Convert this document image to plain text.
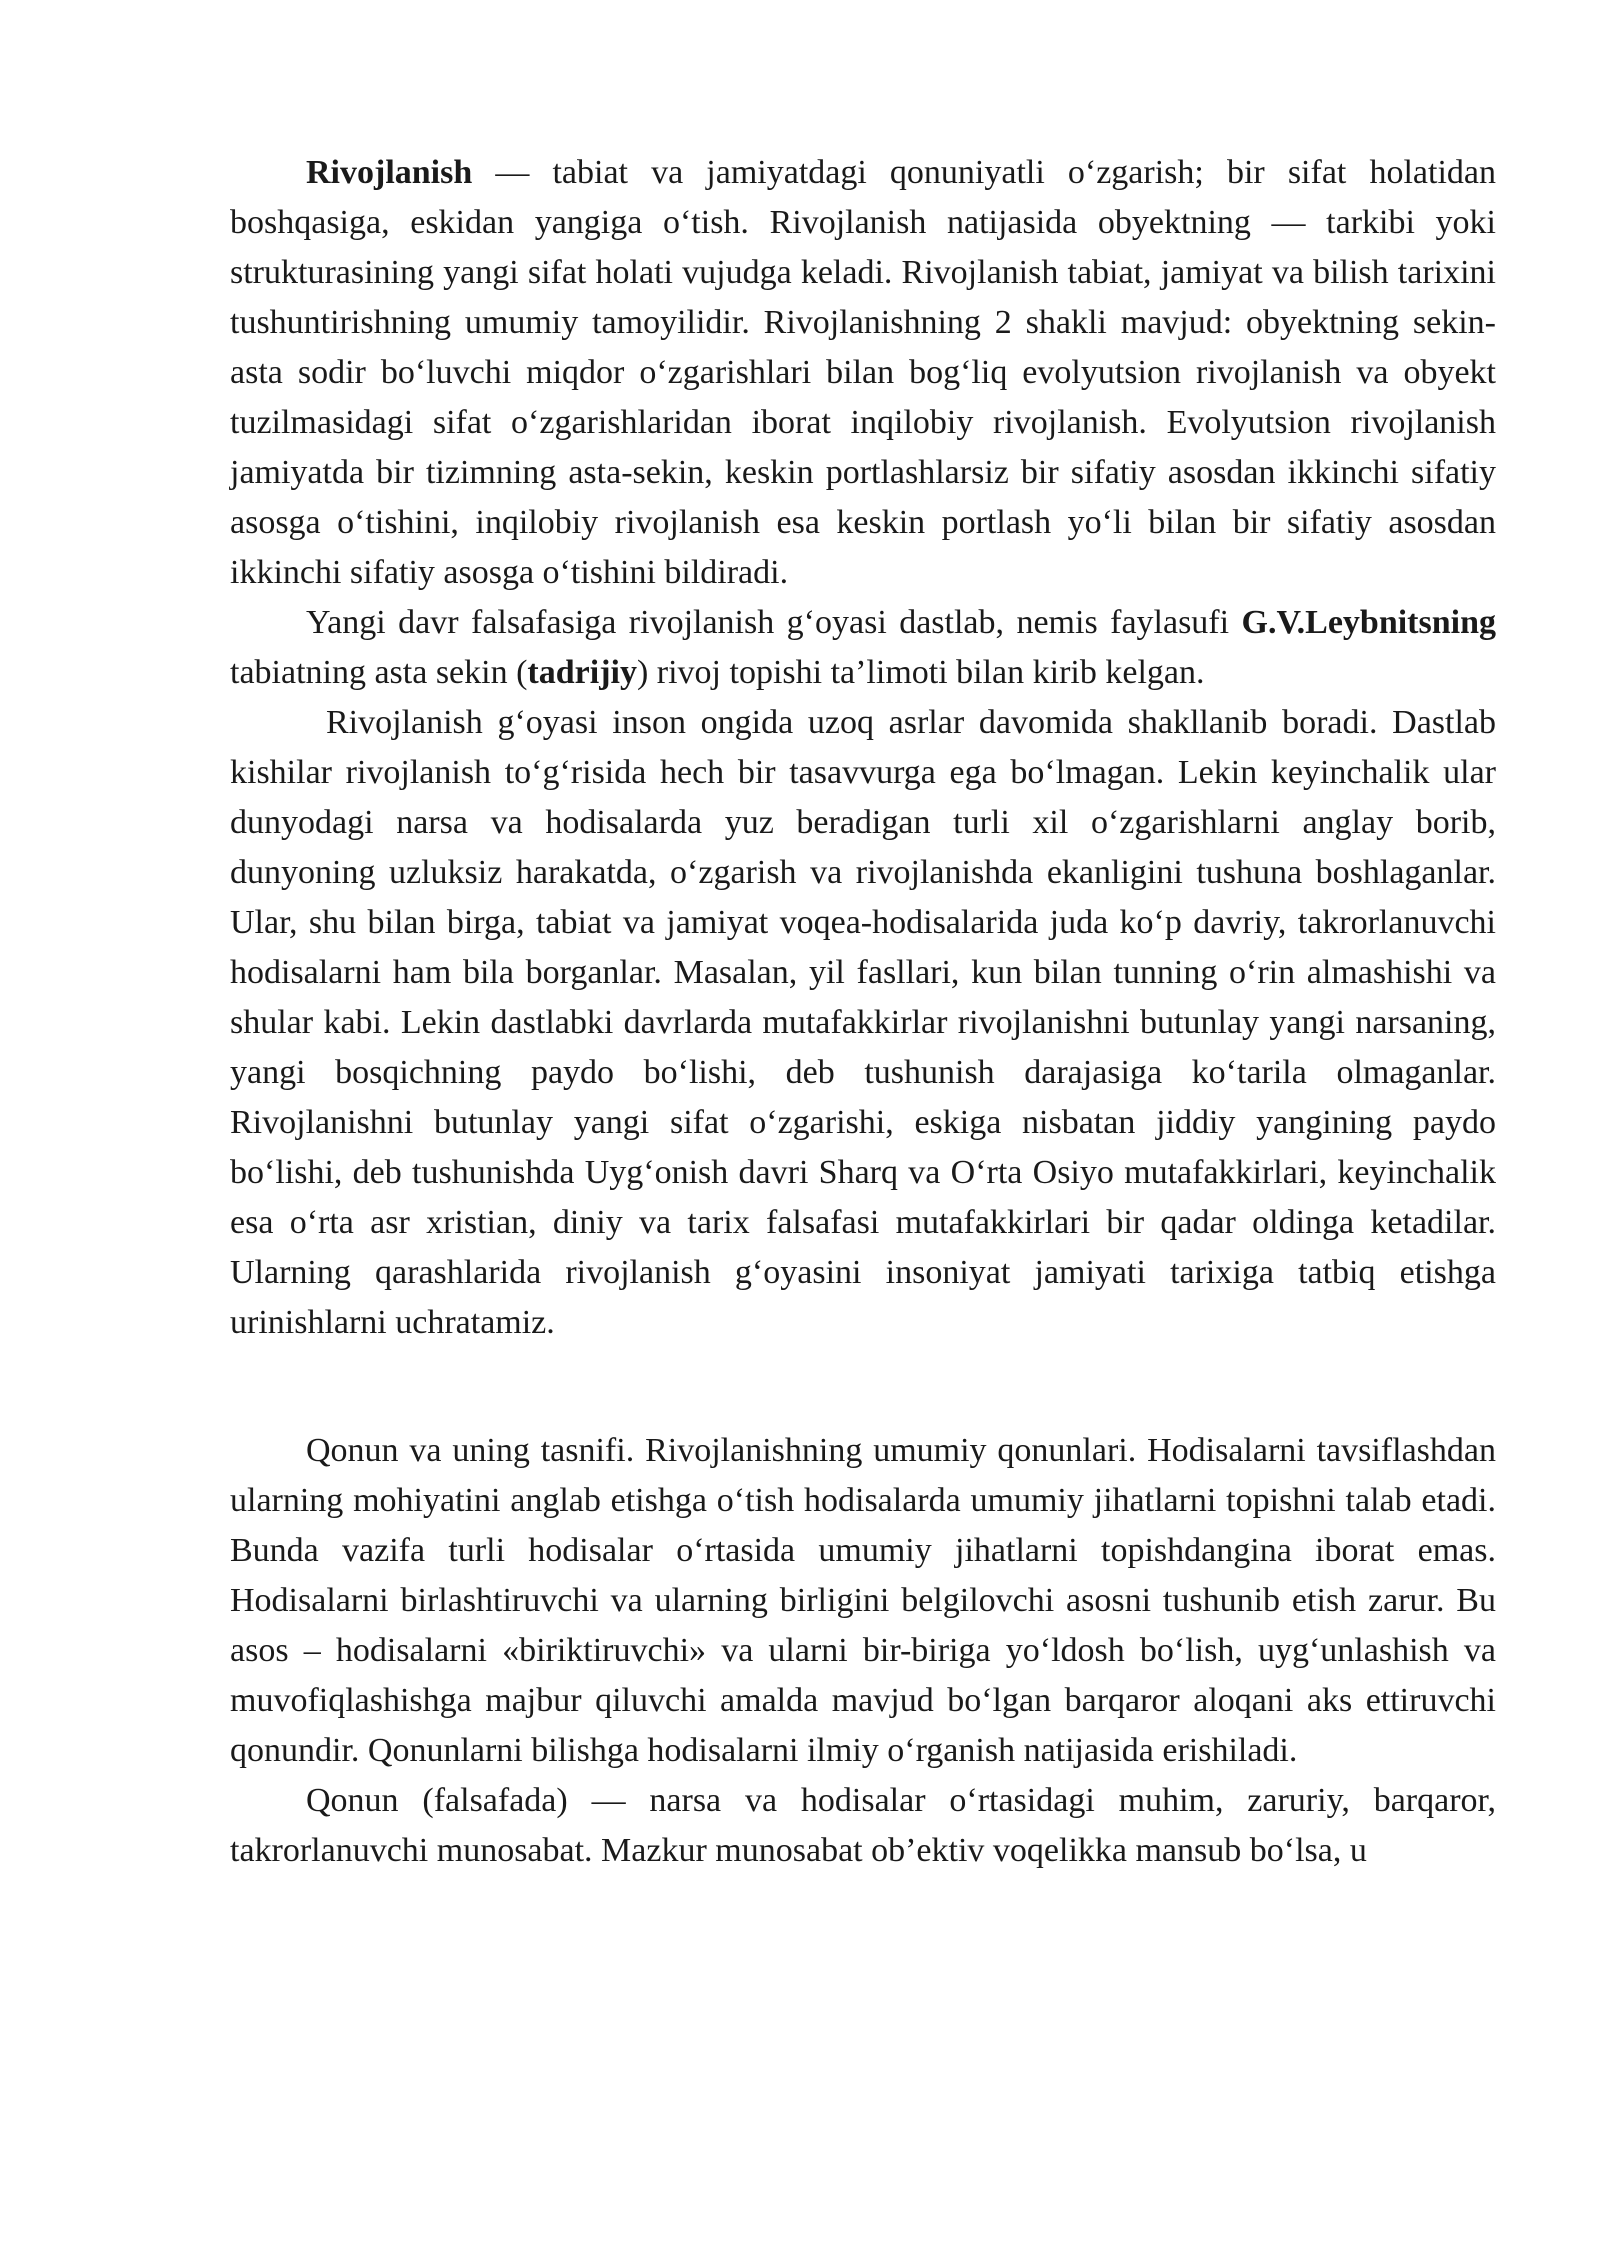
Rivojlanish — tabiat va jamiyatdagi qonuniyatli oʻzgarish; bir sifat holatidan boshqasiga, eskidan yangiga oʻtish. Rivojlanish natijasida obyektning — tarkibi yoki strukturasining yangi sifat holati vujudga keladi. Rivojlanish tabiat, jamiyat va bilish tarixini tushuntirishning umumiy tamoyilidir. Rivojlanishning 2 shakli mavjud: obyektning sekin-asta sodir boʻluvchi miqdor oʻzgarishlari bilan bogʻliq evolyutsion rivojlanish va obyekt tuzilmasidagi sifat oʻzgarishlaridan iborat inqilobiy rivojlanish. Evolyutsion rivojlanish jamiyatda bir tizimning asta-sekin, keskin portlashlarsiz bir sifatiy asosdan ikkinchi sifatiy asosga oʻtishini, inqilobiy rivojlanish esa keskin portlash yoʻli bilan bir sifatiy asosdan ikkinchi sifatiy asosga oʻtishini bildiradi.

Yangi davr falsafasiga rivojlanish gʻoyasi dastlab, nemis faylasufi G.V.Leybnitsning tabiatning asta sekin (tadrijiy) rivoj topishi ta’limoti bilan kirib kelgan.

Rivojlanish gʻoyasi inson ongida uzoq asrlar davomida shakllanib boradi. Dastlab kishilar rivojlanish toʻgʻrisida hech bir tasavvurga ega boʻlmagan. Lekin keyinchalik ular dunyodagi narsa va hodisalarda yuz beradigan turli xil oʻzgarishlarni anglay borib, dunyoning uzluksiz harakatda, oʻzgarish va rivojlanishda ekanligini tushuna boshlaganlar. Ular, shu bilan birga, tabiat va jamiyat voqea-hodisalarida juda koʻp davriy, takrorlanuvchi hodisalarni ham bila borganlar. Masalan, yil fasllari, kun bilan tunning oʻrin almashishi va shular kabi. Lekin dastlabki davrlarda mutafakkirlar rivojlanishni butunlay yangi narsaning, yangi bosqichning paydo boʻlishi, deb tushunish darajasiga koʻtarila olmaganlar. Rivojlanishni butunlay yangi sifat oʻzgarishi, eskiga nisbatan jiddiy yangining paydo boʻlishi, deb tushunishda Uygʻonish davri Sharq va Oʻrta Osiyo mutafakkirlari, keyinchalik esa oʻrta asr xristian, diniy va tarix falsafasi mutafakkirlari bir qadar oldinga ketadilar. Ularning qarashlarida rivojlanish gʻoyasini insoniyat jamiyati tarixiga tatbiq etishga urinishlarni uchratamiz.

Qonun va uning tasnifi. Rivojlanishning umumiy qonunlari. Hodisalarni tavsiflashdan ularning mohiyatini anglab etishga oʻtish hodisalarda umumiy jihatlarni topishni talab etadi. Bunda vazifa turli hodisalar oʻrtasida umumiy jihatlarni topishdangina iborat emas. Hodisalarni birlashtiruvchi va ularning birligini belgilovchi asosni tushunib etish zarur. Bu asos – hodisalarni «biriktiruvchi» va ularni bir-biriga yoʻldosh boʻlish, uygʻunlashish va muvofiqlashishga majbur qiluvchi amalda mavjud boʻlgan barqaror aloqani aks ettiruvchi qonundir. Qonunlarni bilishga hodisalarni ilmiy oʻrganish natijasida erishiladi.

Qonun (falsafada) — narsa va hodisalar oʻrtasidagi muhim, zaruriy, barqaror, takrorlanuvchi munosabat. Mazkur munosabat ob’ektiv voqelikka mansub boʻlsa, u
